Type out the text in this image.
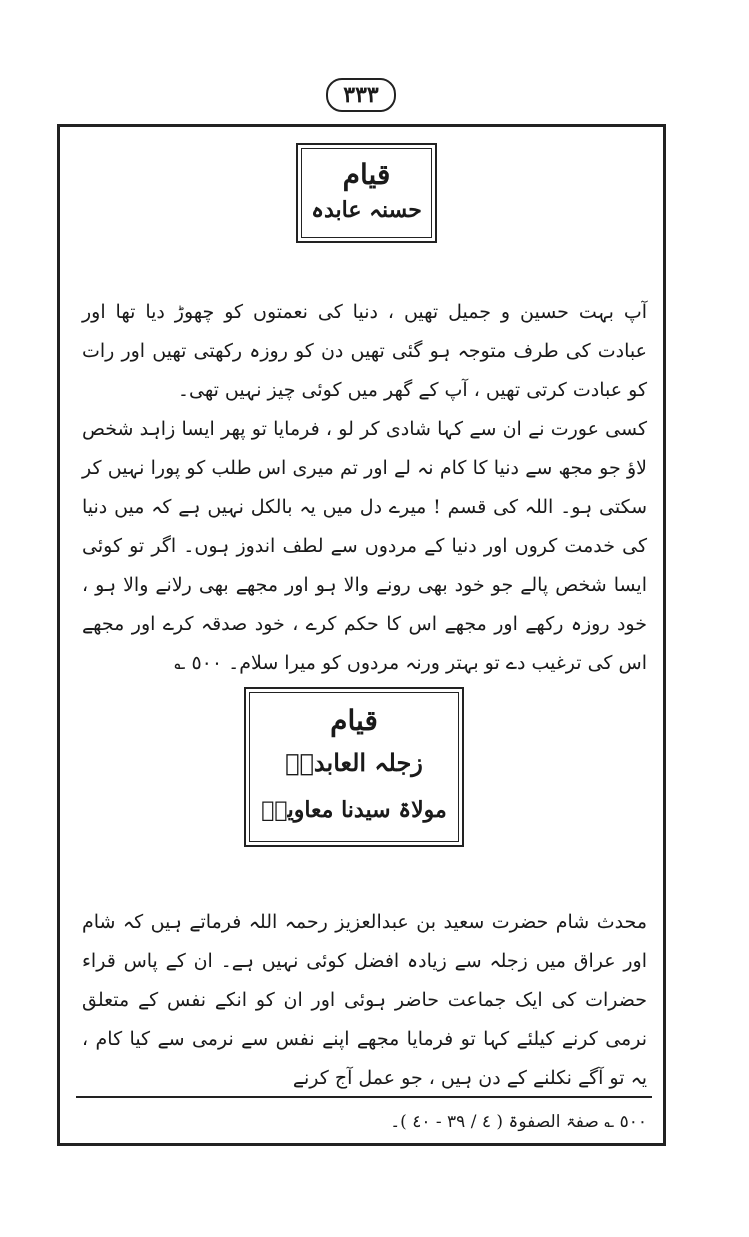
٣٣٣
قیام
حسنہ عابدہ
آپ بہت حسین و جمیل تھیں ، دنیا کی نعمتوں کو چھوڑ دیا تھا اور عبادت کی طرف متوجہ ہو گئی تھیں دن کو روزہ رکھتی تھیں اور رات کو عبادت کرتی تھیں ، آپ کے گھر میں کوئی چیز نہیں تھی۔
کسی عورت نے ان سے کہا شادی کر لو ، فرمایا تو پھر ایسا زاہد شخص لاؤ جو مجھ سے دنیا کا کام نہ لے اور تم میری اس طلب کو پورا نہیں کر سکتی ہو۔ اللہ کی قسم ! میرے دل میں یہ بالکل نہیں ہے کہ میں دنیا کی خدمت کروں اور دنیا کے مردوں سے لطف اندوز ہوں۔ اگر تو کوئی ایسا شخص پالے جو خود بھی رونے والا ہو اور مجھے بھی رلانے والا ہو ، خود روزہ رکھے اور مجھے اس کا حکم کرے ، خود صدقہ کرے اور مجھے اس کی ترغیب دے تو بہتر ورنہ مردوں کو میرا سلام۔ ٥٠٠ ؎
قیام
زجلہ العابدہؒ
مولاۃ سیدنا معاویہؓ
محدث شام حضرت سعید بن عبدالعزیز رحمہ اللہ فرماتے ہیں کہ شام اور عراق میں زجلہ سے زیادہ افضل کوئی نہیں ہے۔ ان کے پاس قراء حضرات کی ایک جماعت حاضر ہوئی اور ان کو انکے نفس کے متعلق نرمی کرنے کیلئے کہا تو فرمایا مجھے اپنے نفس سے نرمی سے کیا کام ، یہ تو آگے نکلنے کے دن ہیں ، جو عمل آج کرنے
٥٠٠ ؎ صفۃ الصفوۃ ( ٤ / ٣٩ - ٤٠ )۔
